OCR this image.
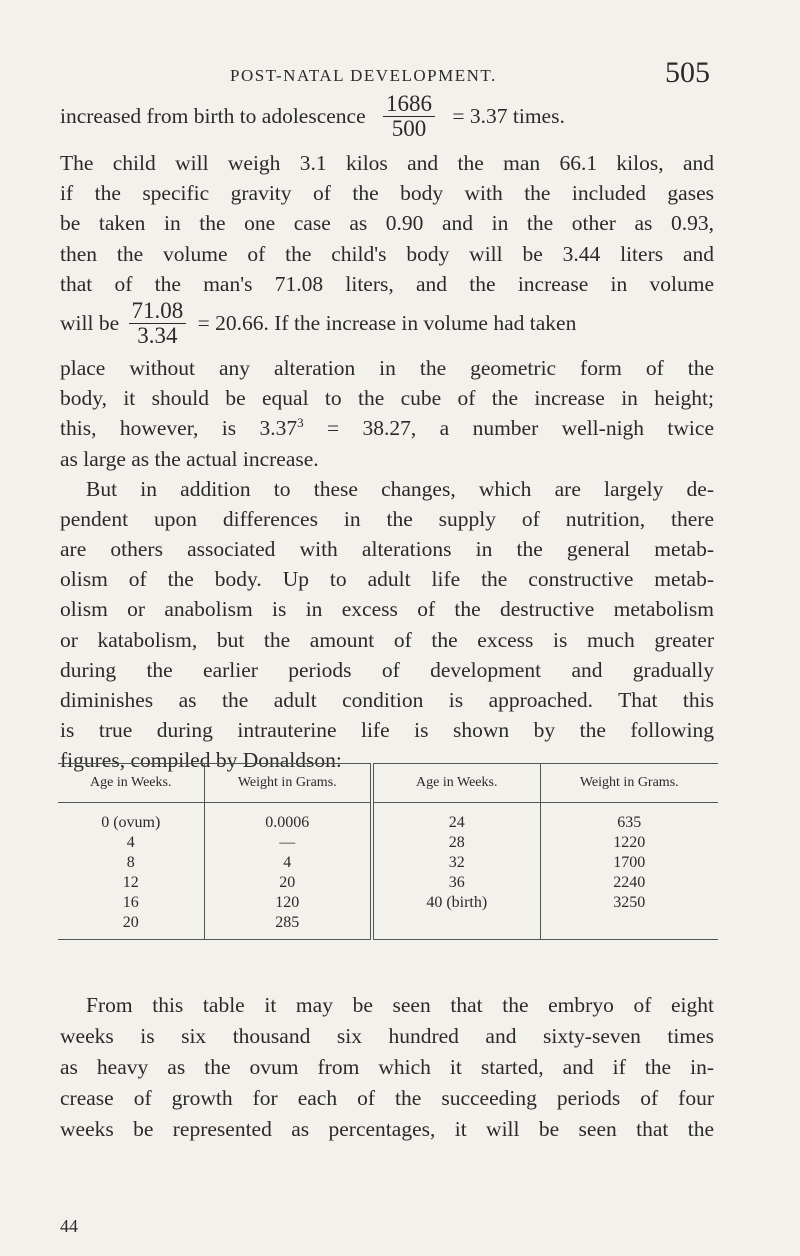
POST-NATAL DEVELOPMENT.	505
increased from birth to adolescence $\frac{1686}{500} = 3.37$ times.
The child will weigh 3.1 kilos and the man 66.1 kilos, and
if the specific gravity of the body with the included gases
be taken in the one case as 0.90 and in the other as 0.93,
then the volume of the child's body will be 3.44 liters and
that of the man's 71.08 liters, and the increase in volume
will be $\frac{71.08}{3.34} = 20.66$. If the increase in volume had taken
place without any alteration in the geometric form of the
body, it should be equal to the cube of the increase in height;
this, however, is $3.37^3 = 38.27$, a number well-nigh twice
as large as the actual increase.
But in addition to these changes, which are largely de-
pendent upon differences in the supply of nutrition, there
are others associated with alterations in the general metab-
olism of the body. Up to adult life the constructive metab-
olism or anabolism is in excess of the destructive metabolism
or katabolism, but the amount of the excess is much greater
during the earlier periods of development and gradually
diminishes as the adult condition is approached. That this
is true during intrauterine life is shown by the following
figures, compiled by Donaldson:
Age in Weeks.	Weight in Grams.	Age in Weeks.	Weight in Grams.
0 (ovum)	0.0006	24	635
4	—	28	1220
8	4	32	1700
12	20	36	2240
16	120	40 (birth)	3250
20	285		
From this table it may be seen that the embryo of eight
weeks is six thousand six hundred and sixty-seven times
as heavy as the ovum from which it started, and if the in-
crease of growth for each of the succeeding periods of four
weeks be represented as percentages, it will be seen that the
44
